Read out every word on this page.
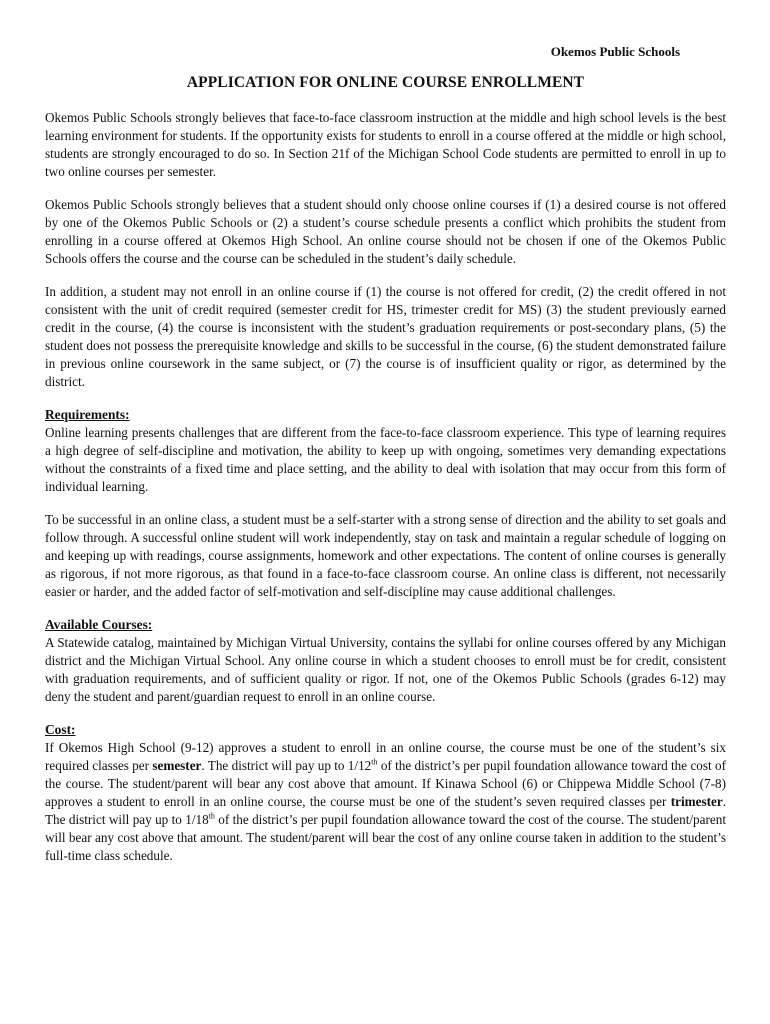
Okemos Public Schools
APPLICATION FOR ONLINE COURSE ENROLLMENT

Okemos Public Schools strongly believes that face-to-face classroom instruction at the middle and high school levels is the best learning environment for students. If the opportunity exists for students to enroll in a course offered at the middle or high school, students are strongly encouraged to do so. In Section 21f of the Michigan School Code students are permitted to enroll in up to two online courses per semester.

Okemos Public Schools strongly believes that a student should only choose online courses if (1) a desired course is not offered by one of the Okemos Public Schools or (2) a student’s course schedule presents a conflict which prohibits the student from enrolling in a course offered at Okemos High School. An online course should not be chosen if one of the Okemos Public Schools offers the course and the course can be scheduled in the student’s daily schedule.

In addition, a student may not enroll in an online course if (1) the course is not offered for credit, (2) the credit offered in not consistent with the unit of credit required (semester credit for HS, trimester credit for MS) (3) the student previously earned credit in the course, (4) the course is inconsistent with the student’s graduation requirements or post-secondary plans, (5) the student does not possess the prerequisite knowledge and skills to be successful in the course, (6) the student demonstrated failure in previous online coursework in the same subject, or (7) the course is of insufficient quality or rigor, as determined by the district.

Requirements:

Online learning presents challenges that are different from the face-to-face classroom experience. This type of learning requires a high degree of self-discipline and motivation, the ability to keep up with ongoing, sometimes very demanding expectations without the constraints of a fixed time and place setting, and the ability to deal with isolation that may occur from this form of individual learning.

To be successful in an online class, a student must be a self-starter with a strong sense of direction and the ability to set goals and follow through. A successful online student will work independently, stay on task and maintain a regular schedule of logging on and keeping up with readings, course assignments, homework and other expectations. The content of online courses is generally as rigorous, if not more rigorous, as that found in a face-to-face classroom course. An online class is different, not necessarily easier or harder, and the added factor of self-motivation and self-discipline may cause additional challenges.

Available Courses:

A Statewide catalog, maintained by Michigan Virtual University, contains the syllabi for online courses offered by any Michigan district and the Michigan Virtual School. Any online course in which a student chooses to enroll must be for credit, consistent with graduation requirements, and of sufficient quality or rigor. If not, one of the Okemos Public Schools (grades 6-12) may deny the student and parent/guardian request to enroll in an online course.

Cost:

If Okemos High School (9-12) approves a student to enroll in an online course, the course must be one of the student’s six required classes per semester. The district will pay up to 1/12th of the district’s per pupil foundation allowance toward the cost of the course. The student/parent will bear any cost above that amount. If Kinawa School (6) or Chippewa Middle School (7-8) approves a student to enroll in an online course, the course must be one of the student’s seven required classes per trimester. The district will pay up to 1/18th of the district’s per pupil foundation allowance toward the cost of the course. The student/parent will bear any cost above that amount. The student/parent will bear the cost of any online course taken in addition to the student’s full-time class schedule.
